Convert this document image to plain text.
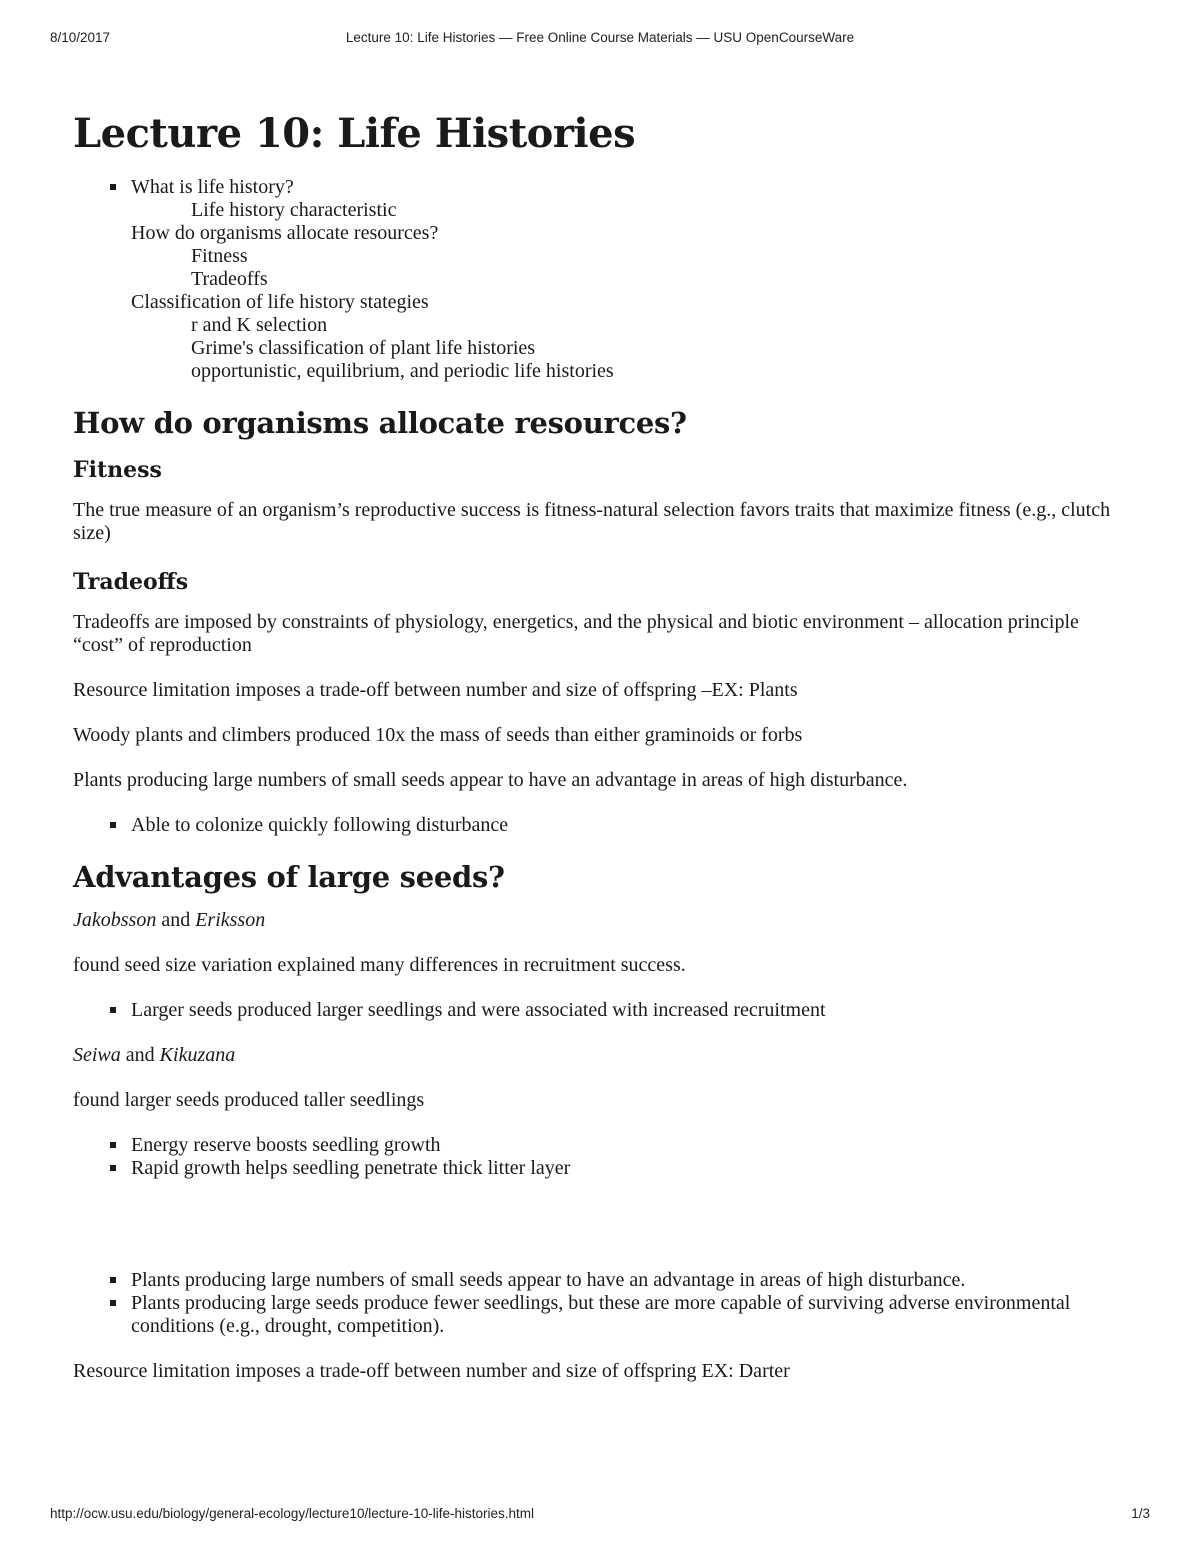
8/10/2017	Lecture 10: Life Histories — Free Online Course Materials — USU OpenCourseWare
Lecture 10: Life Histories
What is life history?
Life history characteristic
How do organisms allocate resources?
Fitness
Tradeoffs
Classification of life history stategies
r and K selection
Grime's classification of plant life histories
opportunistic, equilibrium, and periodic life histories
How do organisms allocate resources?
Fitness

The true measure of an organism’s reproductive success is fitness-natural selection favors traits that maximize fitness (e.g., clutch size)

Tradeoffs

Tradeoffs are imposed by constraints of physiology, energetics, and the physical and biotic environment – allocation principle “cost” of reproduction

Resource limitation imposes a trade-off between number and size of offspring –EX: Plants

Woody plants and climbers produced 10x the mass of seeds than either graminoids or forbs

Plants producing large numbers of small seeds appear to have an advantage in areas of high disturbance.

Able to colonize quickly following disturbance
Advantages of large seeds?

Jakobsson and Eriksson

found seed size variation explained many differences in recruitment success.

Larger seeds produced larger seedlings and were associated with increased recruitment

Seiwa and Kikuzana

found larger seeds produced taller seedlings

Energy reserve boosts seedling growth
Rapid growth helps seedling penetrate thick litter layer
Plants producing large numbers of small seeds appear to have an advantage in areas of high disturbance.
Plants producing large seeds produce fewer seedlings, but these are more capable of surviving adverse environmental conditions (e.g., drought, competition).

Resource limitation imposes a trade-off between number and size of offspring EX: Darter

http://ocw.usu.edu/biology/general-ecology/lecture10/lecture-10-life-histories.html	1/3
